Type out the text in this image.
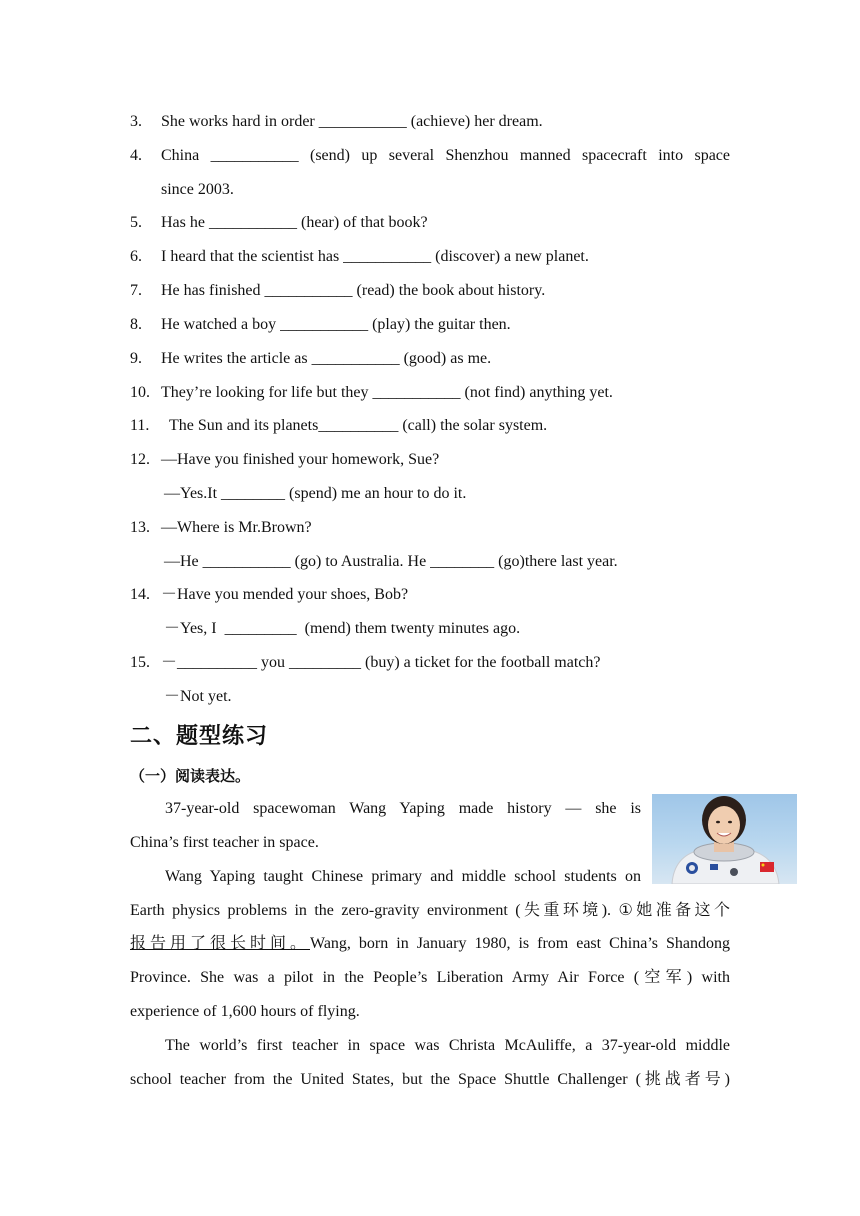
3. She works hard in order ___________ (achieve) her dream.
4. China ___________ (send) up several Shenzhou manned spacecraft into space
since 2003.
5. Has he ___________ (hear) of that book?
6. I heard that the scientist has ___________ (discover) a new planet.
7. He has finished ___________ (read) the book about history.
8. He watched a boy ___________ (play) the guitar then.
9. He writes the article as ___________ (good) as me.
10. They’re looking for life but they ___________ (not find) anything yet.
11. The Sun and its planets__________ (call) the solar system.
12. —Have you finished your homework, Sue?
—Yes.It ________ (spend) me an hour to do it.
13. —Where is Mr.Brown?
—He ___________ (go) to Australia. He ________ (go)there last year.
14. －Have you mended your shoes, Bob?
－Yes, I  _________  (mend) them twenty minutes ago.
15. －__________ you _________ (buy) a ticket for the football match?
－Not yet.
二、题型练习
（一）阅读表达。
37-year-old spacewoman Wang Yaping made history — she is
China’s first teacher in space.
Wang Yaping taught Chinese primary and middle school students on
Earth physics problems in the zero-gravity environment (失重环境). ①她准备这个
报告用了很长时间。Wang, born in January 1980, is from east China’s Shandong
Province. She was a pilot in the People’s Liberation Army Air Force (空军) with
experience of 1,600 hours of flying.
The world’s first teacher in space was Christa McAuliffe, a 37-year-old middle
school teacher from the United States, but the Space Shuttle Challenger (挑战者号)
